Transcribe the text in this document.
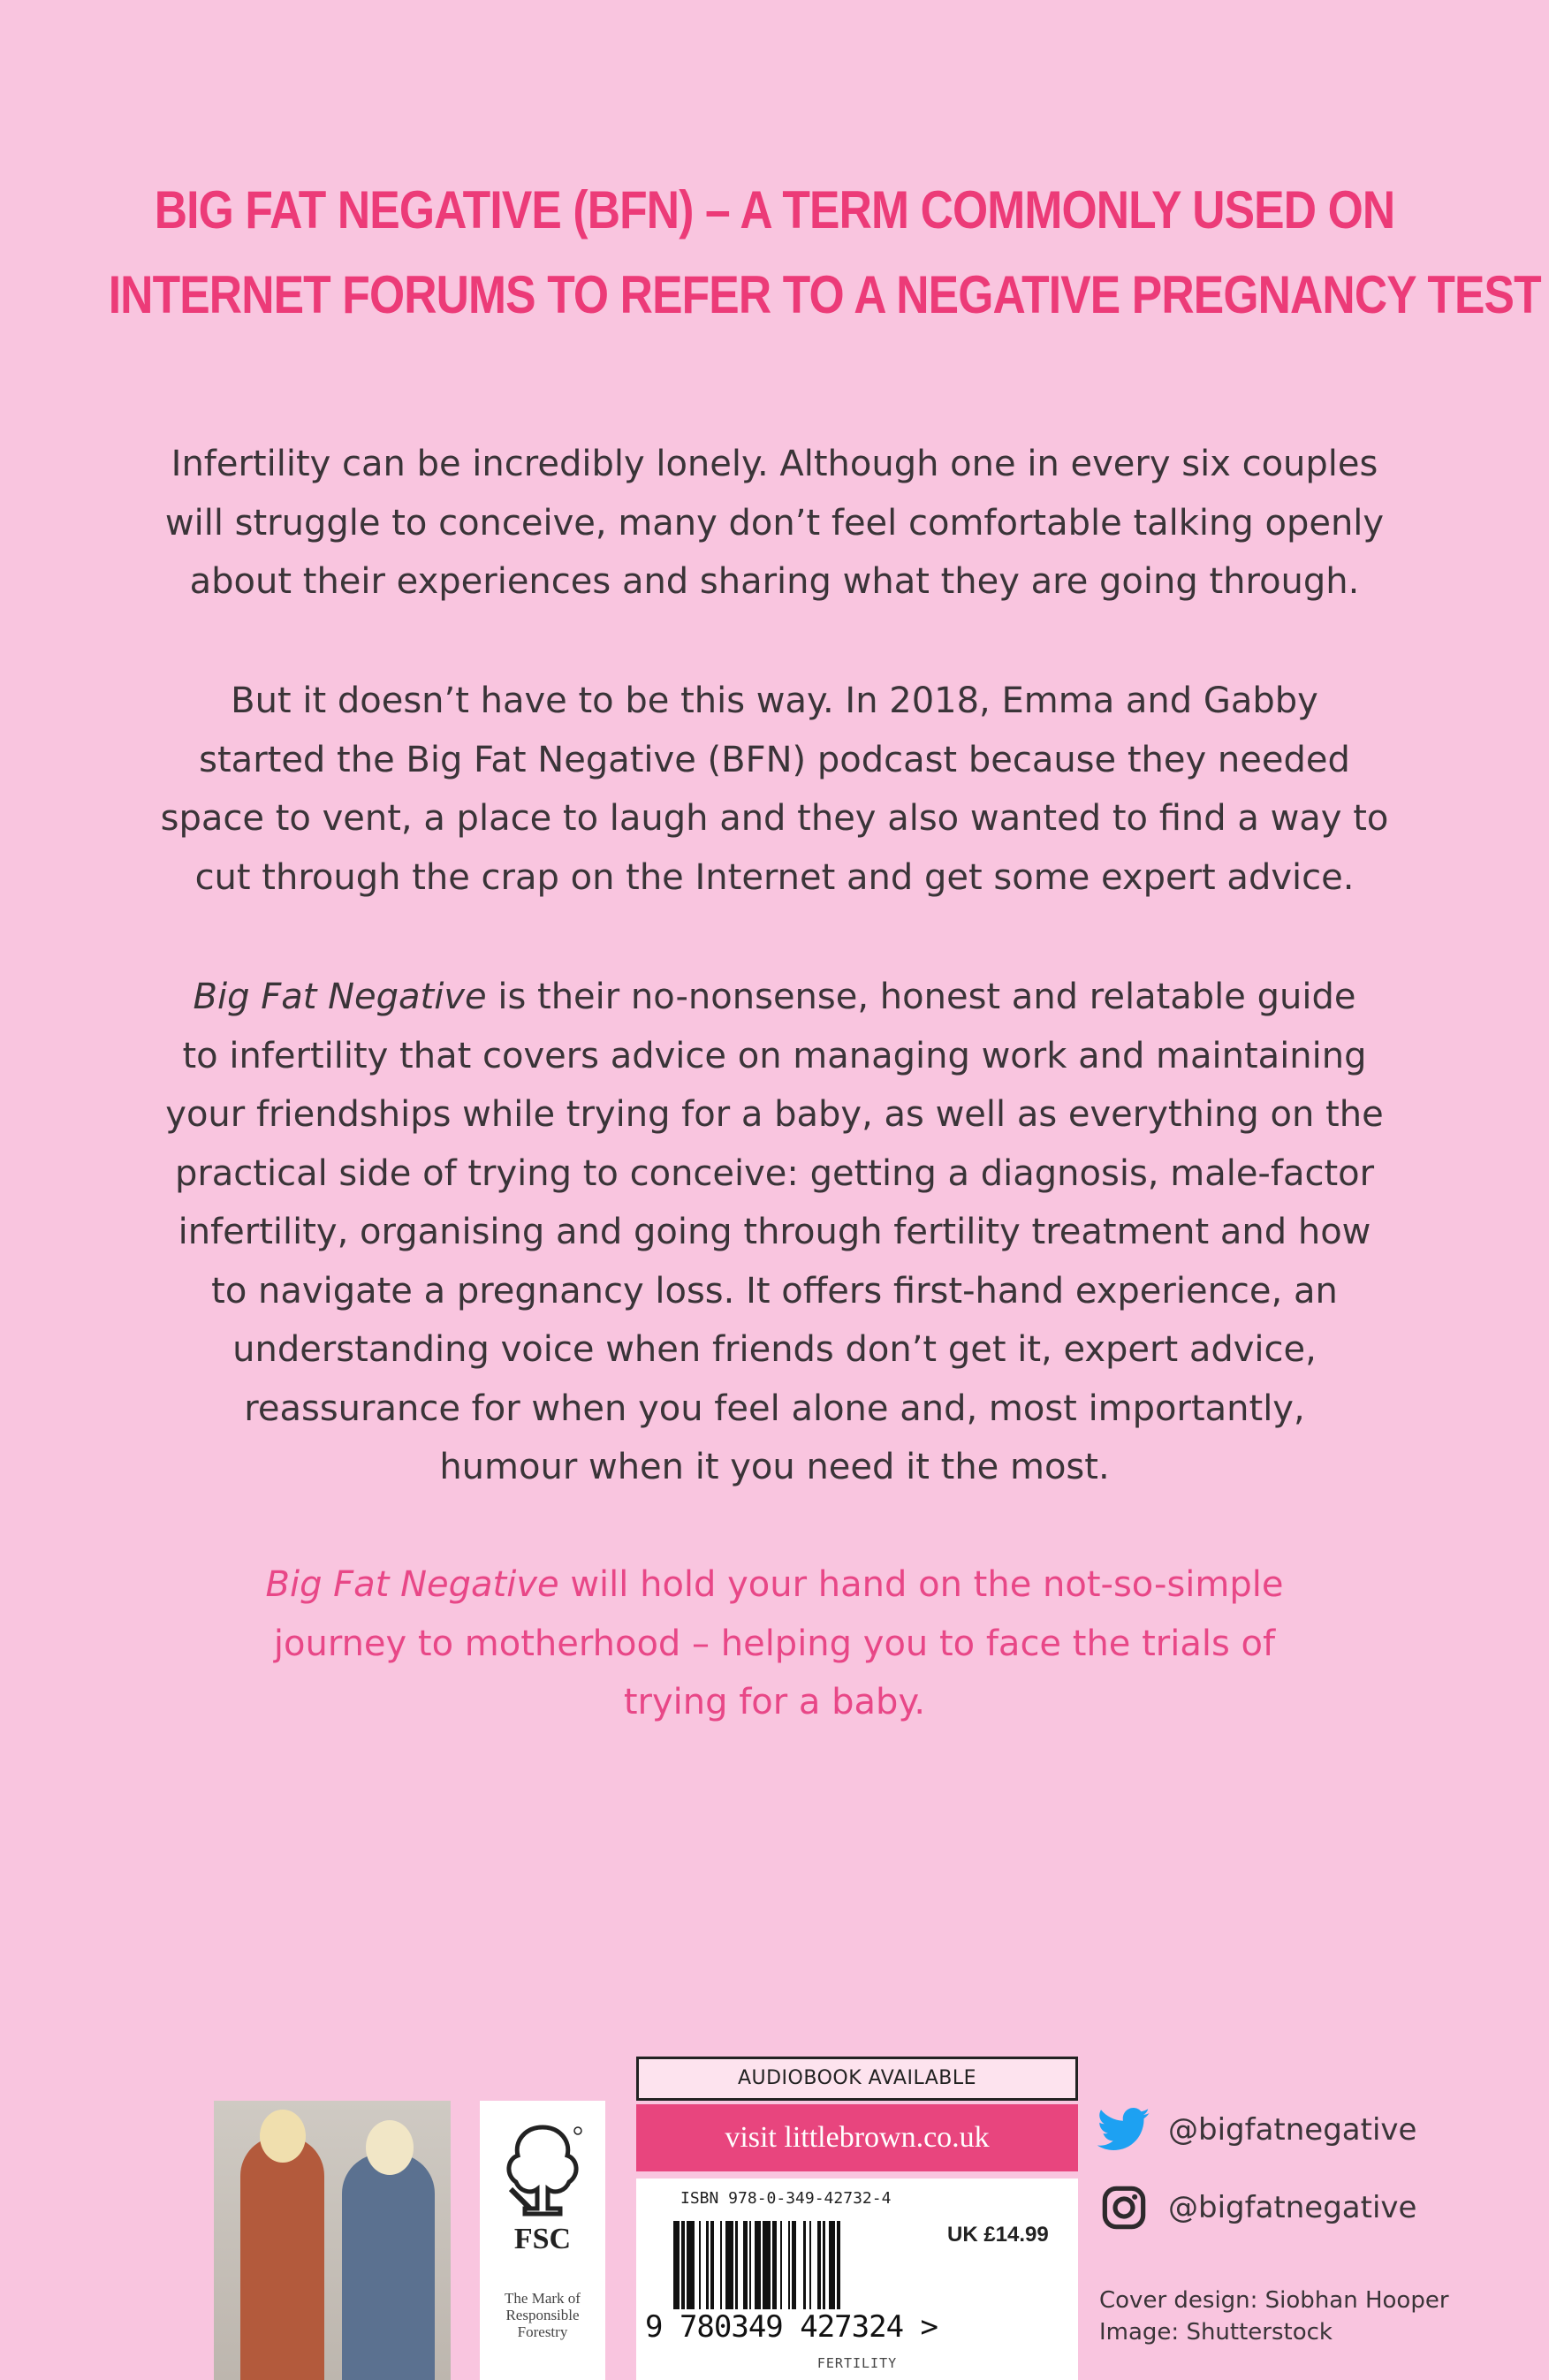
BIG FAT NEGATIVE (BFN) – A TERM COMMONLY USED ON
INTERNET FORUMS TO REFER TO A NEGATIVE PREGNANCY TEST
Infertility can be incredibly lonely. Although one in every six couples
will struggle to conceive, many don’t feel comfortable talking openly
about their experiences and sharing what they are going through.
But it doesn’t have to be this way. In 2018, Emma and Gabby
started the Big Fat Negative (BFN) podcast because they needed
space to vent, a place to laugh and they also wanted to find a way to
cut through the crap on the Internet and get some expert advice.
Big Fat Negative is their no-nonsense, honest and relatable guide
to infertility that covers advice on managing work and maintaining
your friendships while trying for a baby, as well as everything on the
practical side of trying to conceive: getting a diagnosis, male-factor
infertility, organising and going through fertility treatment and how
to navigate a pregnancy loss. It offers first-hand experience, an
understanding voice when friends don’t get it, expert advice,
reassurance for when you feel alone and, most importantly,
humour when it you need it the most.
Big Fat Negative will hold your hand on the not-so-simple
journey to motherhood – helping you to face the trials of
trying for a baby.
FSC
The Mark of
Responsible
Forestry
AUDIOBOOK AVAILABLE
visit littlebrown.co.uk
ISBN 978-0-349-42732-4
UK £14.99
9 780349 427324 >
FERTILITY
@bigfatnegative
@bigfatnegative
Cover design: Siobhan Hooper
Image: Shutterstock
